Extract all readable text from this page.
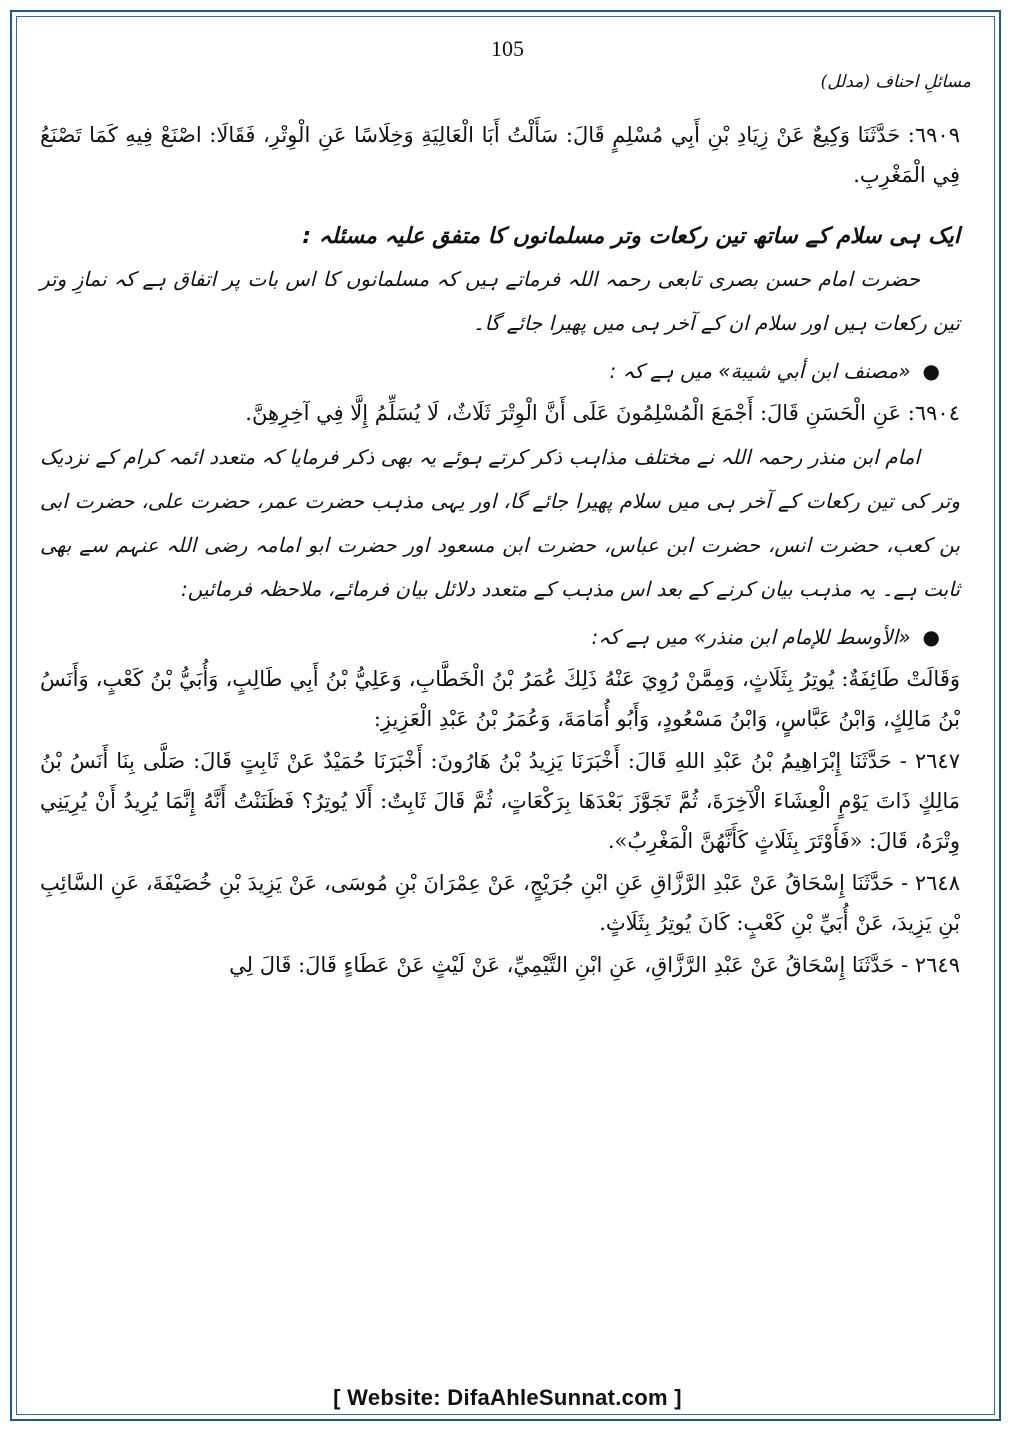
105
مسائلِ احناف (مدلل)

٦٩٠٩: حَدَّثَنَا وَكِيعٌ عَنْ زِيَادِ بْنِ أَبِي مُسْلِمٍ قَالَ: سَأَلْتُ أَبَا الْعَالِيَةِ وَخِلَاسًا عَنِ الْوِتْرِ، فَقَالَا: اصْنَعْ فِيهِ كَمَا تَصْنَعُ فِي الْمَغْرِبِ.

ایک ہی سلام کے ساتھ تین رکعات وتر مسلمانوں کا متفق علیہ مسئلہ :

حضرت امام حسن بصری تابعی رحمہ اللہ فرماتے ہیں کہ مسلمانوں کا اس بات پر اتفاق ہے کہ نمازِ وتر تین رکعات ہیں اور سلام ان کے آخر ہی میں پھیرا جائے گا۔

●«مصنف ابن أبي شيبة» میں ہے کہ :

٦٩٠٤: عَنِ الْحَسَنِ قَالَ: أَجْمَعَ الْمُسْلِمُونَ عَلَى أَنَّ الْوِتْرَ ثَلَاثٌ، لَا يُسَلِّمُ إِلَّا فِي آخِرِهِنَّ.

امام ابن منذر رحمہ اللہ نے مختلف مذاہب ذکر کرتے ہوئے یہ بھی ذکر فرمایا کہ متعدد ائمہ کرام کے نزدیک وتر کی تین رکعات کے آخر ہی میں سلام پھیرا جائے گا، اور یہی مذہب حضرت عمر، حضرت علی، حضرت ابی بن کعب، حضرت انس، حضرت ابن عباس، حضرت ابن مسعود اور حضرت ابو امامہ رضی اللہ عنہم سے بھی ثابت ہے۔ یہ مذہب بیان کرنے کے بعد اس مذہب کے متعدد دلائل بیان فرمائے، ملاحظہ فرمائیں:

●«الأوسط للإمام ابن منذر» میں ہے کہ:

وَقَالَتْ طَائِفَةٌ: يُوتِرُ بِثَلَاثٍ، وَمِمَّنْ رُوِيَ عَنْهُ ذَلِكَ عُمَرُ بْنُ الْخَطَّابِ، وَعَلِيُّ بْنُ أَبِي طَالِبٍ، وَأُبَيُّ بْنُ كَعْبٍ، وَأَنَسُ بْنُ مَالِكٍ، وَابْنُ عَبَّاسٍ، وَابْنُ مَسْعُودٍ، وَأَبُو أُمَامَةَ، وَعُمَرُ بْنُ عَبْدِ الْعَزِيزِ:

٢٦٤٧ - حَدَّثَنَا إِبْرَاهِيمُ بْنُ عَبْدِ اللهِ قَالَ: أَخْبَرَنَا يَزِيدُ بْنُ هَارُونَ: أَخْبَرَنَا حُمَيْدٌ عَنْ ثَابِتٍ قَالَ: صَلَّى بِنَا أَنَسُ بْنُ مَالِكٍ ذَاتَ يَوْمٍ الْعِشَاءَ الْآخِرَةَ، ثُمَّ تَجَوَّزَ بَعْدَهَا بِرَكْعَاتٍ، ثُمَّ قَالَ ثَابِتٌ: أَلَا يُوتِرُ؟ فَظَنَنْتُ أَنَّهُ إِنَّمَا يُرِيدُ أَنْ يُرِيَنِي وِتْرَهُ، قَالَ: «فَأَوْتَرَ بِثَلَاثٍ كَأَنَّهُنَّ الْمَغْرِبُ».

٢٦٤٨ - حَدَّثَنَا إِسْحَاقُ عَنْ عَبْدِ الرَّزَّاقِ عَنِ ابْنِ جُرَيْجٍ، عَنْ عِمْرَانَ بْنِ مُوسَى، عَنْ يَزِيدَ بْنِ خُصَيْفَةَ، عَنِ السَّائِبِ بْنِ يَزِيدَ، عَنْ أُبَيِّ بْنِ كَعْبٍ: كَانَ يُوتِرُ بِثَلَاثٍ.

٢٦٤٩ - حَدَّثَنَا إِسْحَاقُ عَنْ عَبْدِ الرَّزَّاقِ، عَنِ ابْنِ التَّيْمِيِّ، عَنْ لَيْثٍ عَنْ عَطَاءٍ قَالَ: قَالَ لِي

[ Website: DifaAhleSunnat.com ]
